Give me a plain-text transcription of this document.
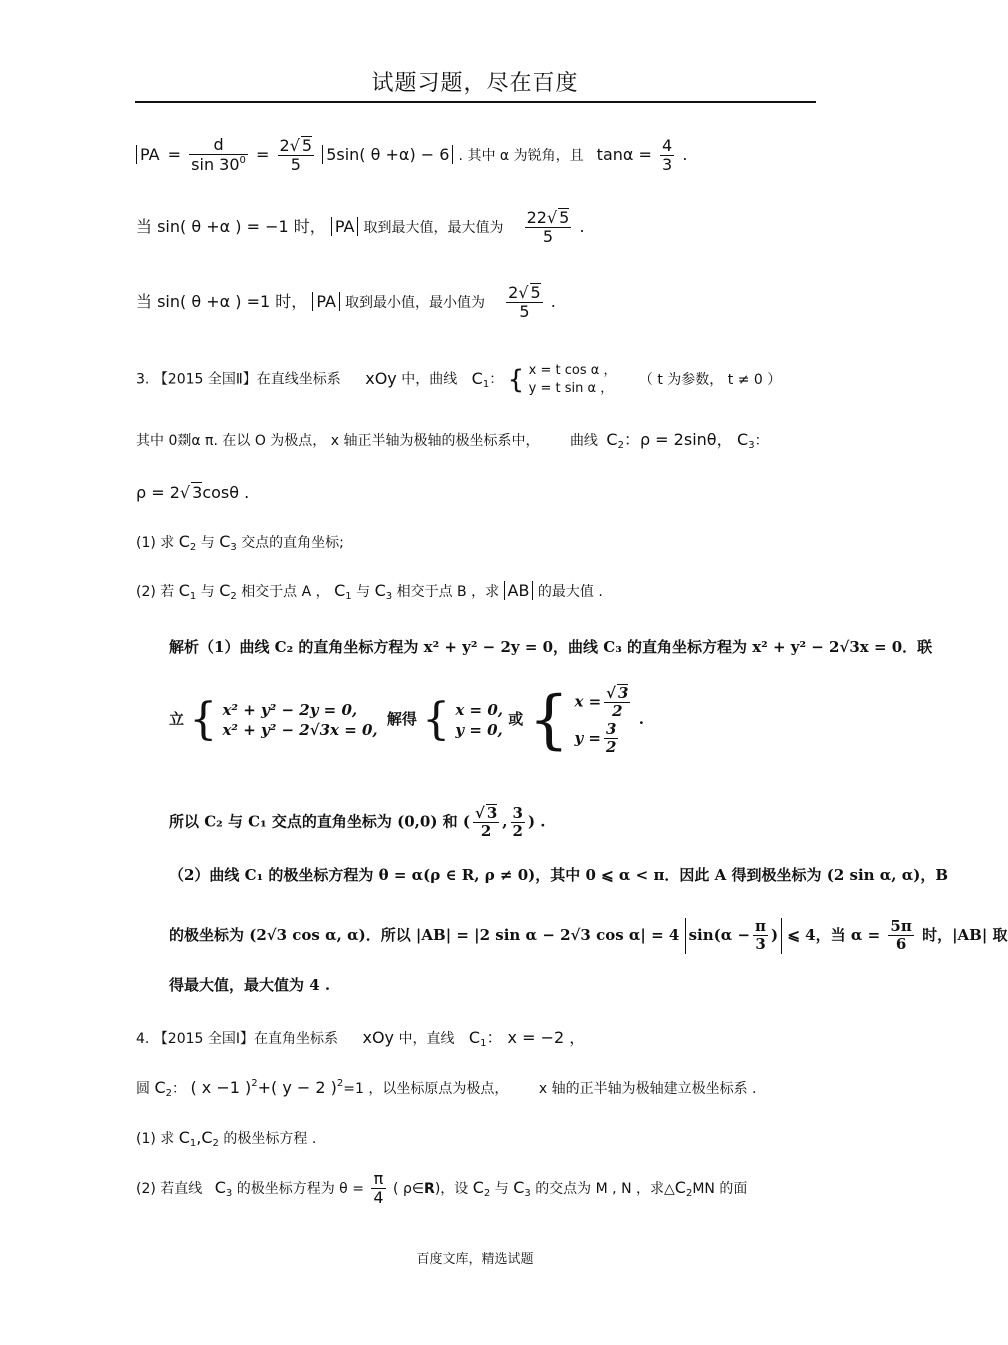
试题习题，尽在百度
PA = $\frac{d}{\sin 30^0} = \frac{2√ 5}{5} 5\sin$( θ +α) − 6 . 其中 α 为锐角，且 $\tan\alpha = \frac{4}{3}$ .
当 sin( θ +α ) = −1 时， PA 取到最大值，最大值为 $\frac{22√ 5}{5}$ .
当 sin( θ +α ) =1 时， PA 取到最小值，最小值为 $\frac{2√ 5}{5}$ .
3. 【2015 全国Ⅱ】在直线坐标系 xOy 中，曲线 $C_1$： { x = t cos α ，
y = t sin α ，
（ t 为参数， t ≠ 0 ）
其中 0剟α π. 在以 O 为极点， x 轴正半轴为极轴的极坐标系中， 曲线 $C_2$：ρ = 2sinθ， $C_3$：
ρ = 2√ 3cosθ .
(1) 求 $C_2$ 与 $C_3$ 交点的直角坐标;
(2) 若 $C_1$ 与 $C_2$ 相交于点 A ， $C_1$ 与 $C_3$ 相交于点 B ，求 AB 的最大值 .
解析（1）曲线 C₂ 的直角坐标方程为 x² + y² − 2y = 0，曲线 C₃ 的直角坐标方程为 x² + y² − 2√3x = 0．联
立 { x² + y² − 2y = 0,
x² + y² − 2√3x = 0,
解得 { x = 0,
y = 0,
或 { $x = \frac{√ 3}{2}$
$y = \frac{3}{2}$
.
所以 C₂ 与 C₁ 交点的直角坐标为 (0,0) 和 ( $\frac{√ 3}{2}$ , $\frac{3}{2}$ ) .
（2）曲线 C₁ 的极坐标方程为 θ = α(ρ ∈ R, ρ ≠ 0)，其中 0 ⩽ α < π．因此 A 得到极坐标为 (2 sin α, α)，B
的极坐标为 (2√3 cos α, α)．所以 |AB| = |2 sin α − 2√3 cos α| = 4 $\sin(\alpha - \frac{\pi}{3}$ ) ⩽ 4，当 $\alpha = \frac{5\pi}{6}$ 时，|AB| 取
得最大值，最大值为 4 .
4. 【2015 全国Ⅰ】在直角坐标系 xOy 中，直线 $C_1$： x = −2 ，
圆 $C_2$： ( x −1 )$^2$+( y − 2 )$^2$=1 ，以坐标原点为极点， x 轴的正半轴为极轴建立极坐标系 .
(1) 求 $C_1,C_2$ 的极坐标方程 .
(2) 若直线 $C_3$ 的极坐标方程为 $\theta = \frac{\pi}{4}$ ( ρ∈R)，设 $C_2$ 与 $C_3$ 的交点为 M , N ，求$\triangle C_2MN$ 的面
百度文库，精选试题
